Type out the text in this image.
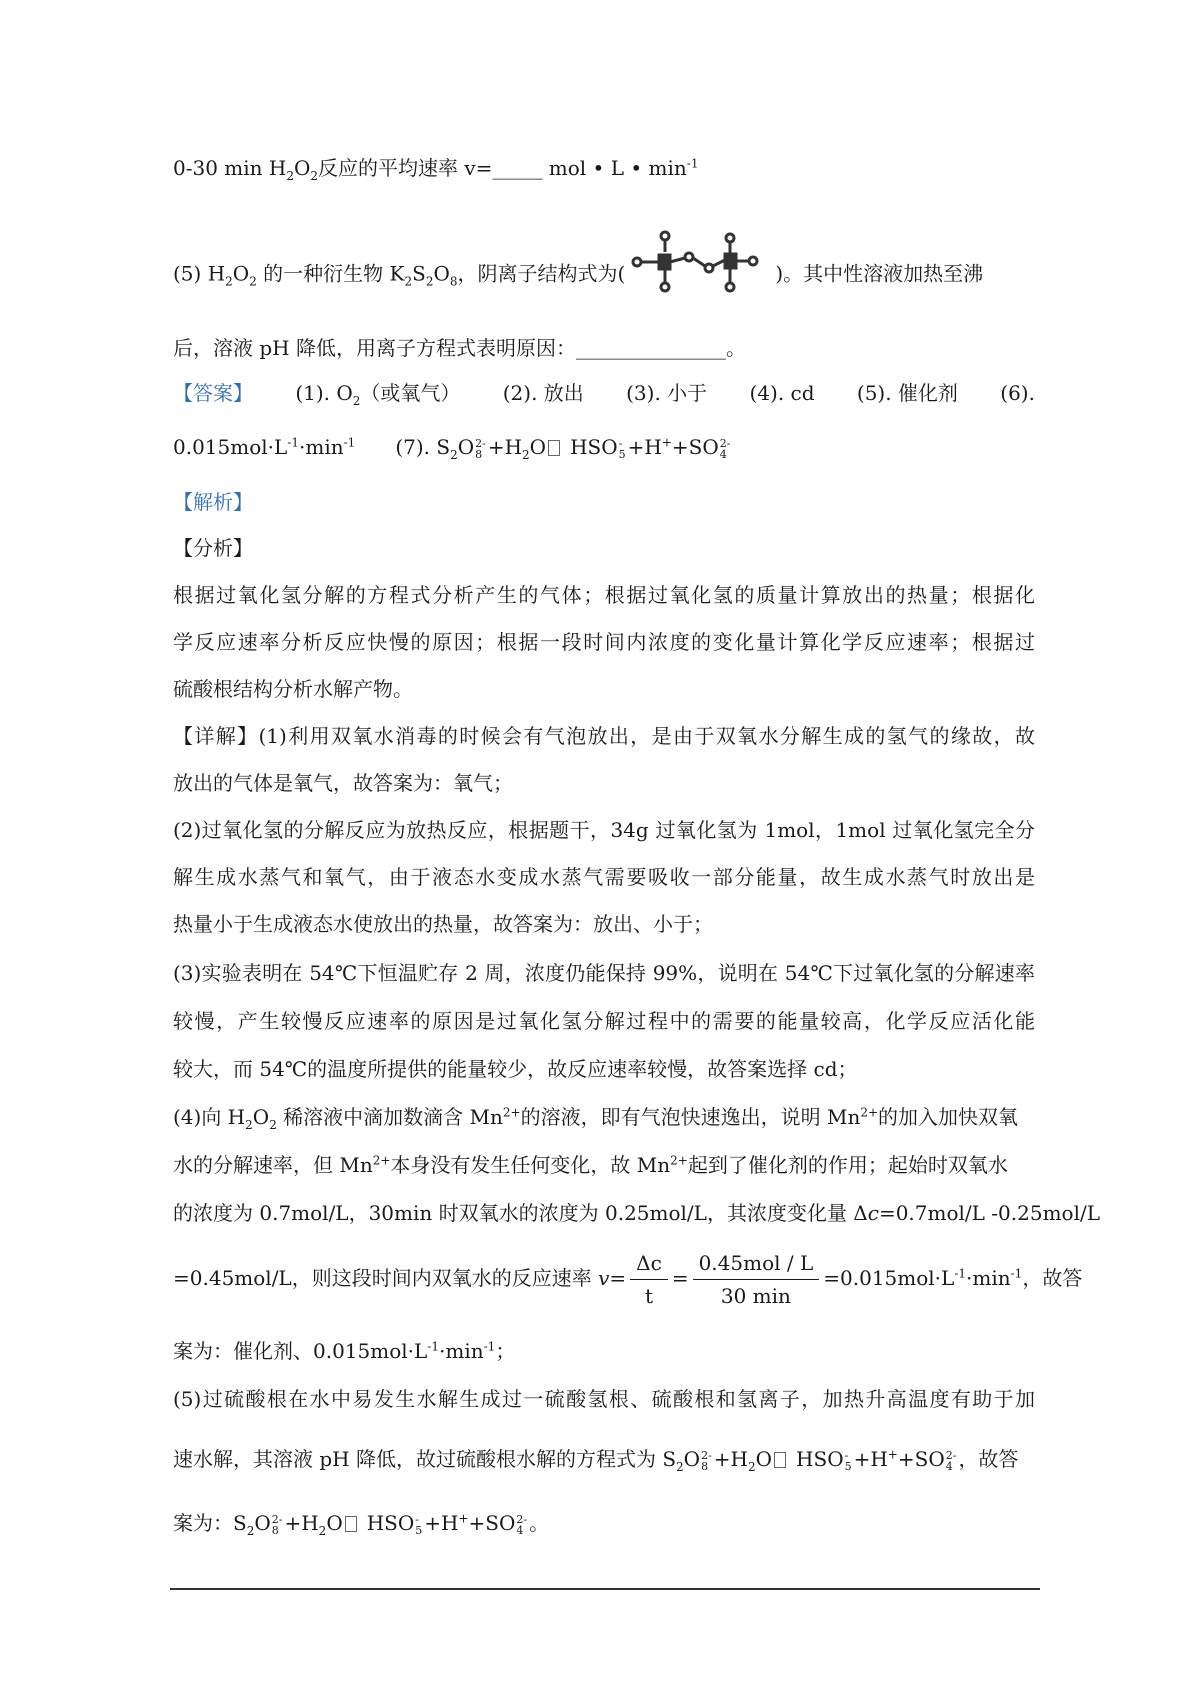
0-30 $\min H_2O_2$反应的平均速率 v=_____ mol • L • $\min^{-1}$
(5) $H_2O_2$ 的一种衍生物 $K_2S_2O_8$，阴离子结构式为(	)。其中性溶液加热至沸
后，溶液 pH 降低，用离子方程式表明原因：_______________。
【答案】 (1). $O_2$（或氧气） (2). 放出 (3). 小于 (4). cd (5). 催化剂 (6).
$0.015mol\cdot L^{-1}\cdot\min^{-1}$ (7). $S_2O$ 2-
$8 +H_2O$ HSO -
5 +H++SO 2-
4
【解析】
【分析】
根据过氧化氢分解的方程式分析产生的气体；根据过氧化氢的质量计算放出的热量；根据化
学反应速率分析反应快慢的原因；根据一段时间内浓度的变化量计算化学反应速率；根据过
硫酸根结构分析水解产物。
【详解】(1)利用双氧水消毒的时候会有气泡放出，是由于双氧水分解生成的氢气的缘故，故
放出的气体是氧气，故答案为：氧气；
(2)过氧化氢的分解反应为放热反应，根据题干，34g 过氧化氢为 1mol，1mol 过氧化氢完全分
解生成水蒸气和氧气，由于液态水变成水蒸气需要吸收一部分能量，故生成水蒸气时放出是
热量小于生成液态水使放出的热量，故答案为：放出、小于；
(3)实验表明在 54℃下恒温贮存 2 周，浓度仍能保持 99%，说明在 54℃下过氧化氢的分解速率
较慢，产生较慢反应速率的原因是过氧化氢分解过程中的需要的能量较高，化学反应活化能
较大，而 54℃的温度所提供的能量较少，故反应速率较慢，故答案选择 cd；
(4)向 $H_2O_2$ 稀溶液中滴加数滴含 $Mn^{2+}$的溶液，即有气泡快速逸出，说明 $Mn^{2+}$的加入加快双氧
水的分解速率，但 $Mn^{2+}$本身没有发生任何变化，故 $Mn^{2+}$起到了催化剂的作用；起始时双氧水
的浓度为 0.7mol/L，30min 时双氧水的浓度为 0.25mol/L，其浓度变化量 Δc=0.7mol/L -0.25mol/L
=0.45mol/L，则这段时间内双氧水的反应速率 $v= \frac{\Delta c}{t} = \frac{\text{0.45mol / L}}{30 \min} =0.015mol\cdot L^{-1}\cdot\min^{-1}$，故答
案为：催化剂、$0.015mol\cdot L^{-1}\cdot\min^{-1}$；
(5)过硫酸根在水中易发生水解生成过一硫酸氢根、硫酸根和氢离子，加热升高温度有助于加
速水解，其溶液 pH 降低，故过硫酸根水解的方程式为 $S_2O$ 2-
$8 +H_2O$ HSO -
5 +H++SO 2-
4 ，故答
案为：$S_2O$ 2-
$8 +H_2O$ HSO -
5 +H++SO 2-
4 。
